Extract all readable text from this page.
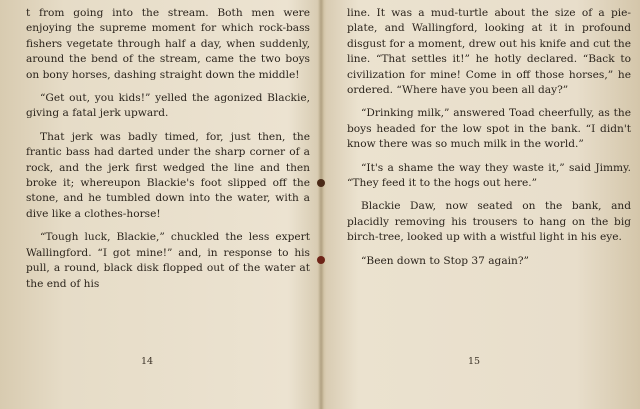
t from going into the stream. Both men were enjoying the supreme moment for which rock-bass fishers vegetate through half a day, when suddenly, around the bend of the stream, came the two boys on bony horses, dashing straight down the middle!

“Get out, you kids!” yelled the agonized Blackie, giving a fatal jerk upward.

That jerk was badly timed, for, just then, the frantic bass had darted under the sharp corner of a rock, and the jerk first wedged the line and then broke it; whereupon Blackie's foot slipped off the stone, and he tumbled down into the water, with a dive like a clothes-horse!

“Tough luck, Blackie,” chuckled the less expert Wallingford. “I got mine!” and, in response to his pull, a round, black disk flopped out of the water at the end of his

14

line. It was a mud-turtle about the size of a pie-plate, and Wallingford, looking at it in profound disgust for a moment, drew out his knife and cut the line. “That settles it!” he hotly declared. “Back to civilization for mine! Come in off those horses,” he ordered. “Where have you been all day?”

“Drinking milk,” answered Toad cheerfully, as the boys headed for the low spot in the bank. “I didn't know there was so much milk in the world.”

“It's a shame the way they waste it,” said Jimmy. “They feed it to the hogs out here.”

Blackie Daw, now seated on the bank, and placidly removing his trousers to hang on the big birch-tree, looked up with a wistful light in his eye.

“Been down to Stop 37 again?”

15
